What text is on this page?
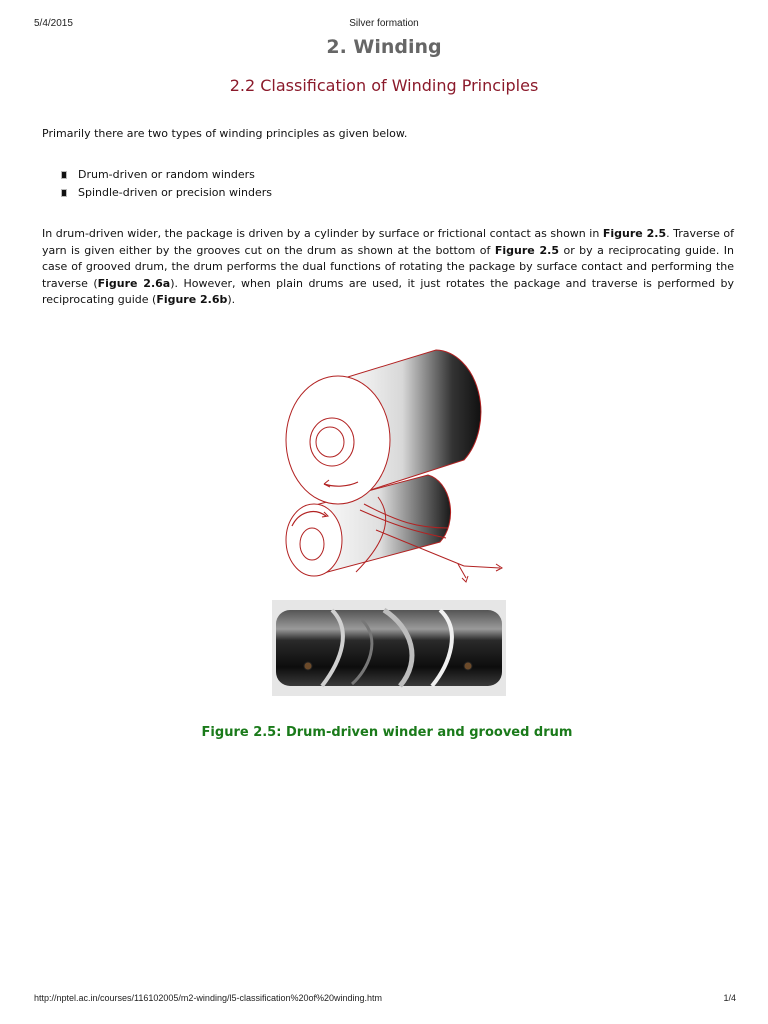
5/4/2015	Silver formation
2. Winding
2.2 Classification of Winding Principles
Primarily there are two types of winding principles as given below.
Drum-driven or random winders
Spindle-driven or precision winders

In drum-driven wider, the package is driven by a cylinder by surface or frictional contact as shown in Figure 2.5. Traverse of yarn is given either by the grooves cut on the drum as shown at the bottom of Figure 2.5 or by a reciprocating guide. In case of grooved drum, the drum performs the dual functions of rotating the package by surface contact and performing the traverse (Figure 2.6a). However, when plain drums are used, it just rotates the package and traverse is performed by reciprocating guide (Figure 2.6b).

Figure 2.5: Drum-driven winder and grooved drum
http://nptel.ac.in/courses/116102005/m2-winding/l5-classification%20of%20winding.htm	1/4
